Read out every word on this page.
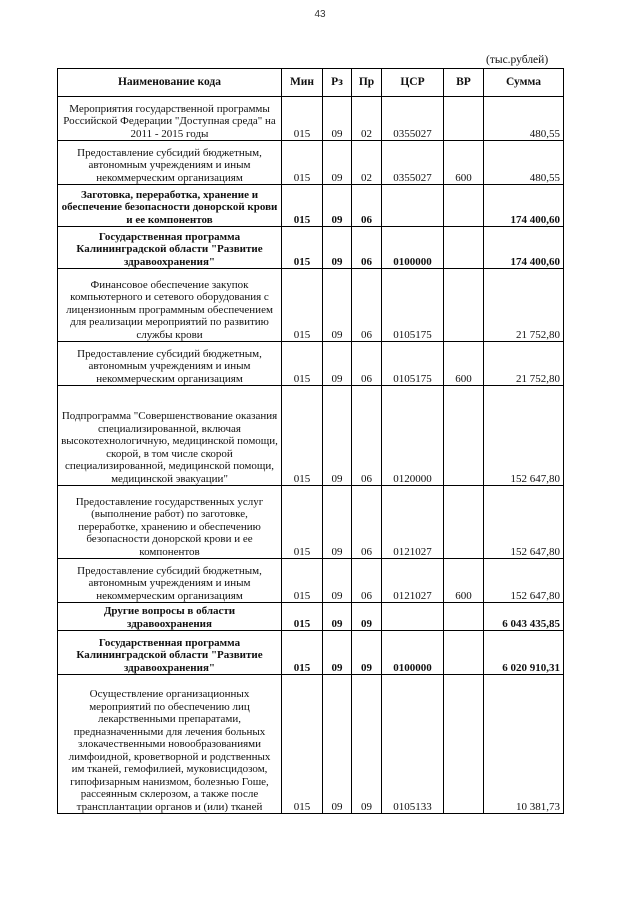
43
(тыс.рублей)
Наименование кода	Мин	Рз	Пр	ЦСР	ВР	Сумма
Мероприятия государственной программы Российской Федерации "Доступная среда" на 2011 - 2015 годы	015	09	02	0355027		480,55
Предоставление субсидий бюджетным, автономным учреждениям и иным некоммерческим организациям	015	09	02	0355027	600	480,55
Заготовка, переработка, хранение и обеспечение безопасности донорской крови и ее компонентов	015	09	06			174 400,60
Государственная программа Калининградской области "Развитие здравоохранения"	015	09	06	0100000		174 400,60
Финансовое обеспечение закупок компьютерного и сетевого оборудования с лицензионным программным обеспечением для реализации мероприятий по развитию службы крови	015	09	06	0105175		21 752,80
Предоставление субсидий бюджетным, автономным учреждениям и иным некоммерческим организациям	015	09	06	0105175	600	21 752,80
Подпрограмма "Совершенствование оказания специализированной, включая высокотехнологичную, медицинской помощи, скорой, в том числе скорой специализированной, медицинской помощи, медицинской эвакуации"	015	09	06	0120000		152 647,80
Предоставление государственных услуг (выполнение работ) по заготовке, переработке, хранению и обеспечению безопасности донорской крови и ее компонентов	015	09	06	0121027		152 647,80
Предоставление субсидий бюджетным, автономным учреждениям и иным некоммерческим организациям	015	09	06	0121027	600	152 647,80
Другие вопросы в области здравоохранения	015	09	09			6 043 435,85
Государственная программа Калининградской области "Развитие здравоохранения"	015	09	09	0100000		6 020 910,31
Осуществление организационных мероприятий по обеспечению лиц лекарственными препаратами, предназначенными для лечения больных злокачественными новообразованиями лимфоидной, кроветворной и родственных им тканей, гемофилией, муковисцидозом, гипофизарным нанизмом, болезнью Гоше, рассеянным склерозом, а также после трансплантации органов и (или) тканей	015	09	09	0105133		10 381,73
